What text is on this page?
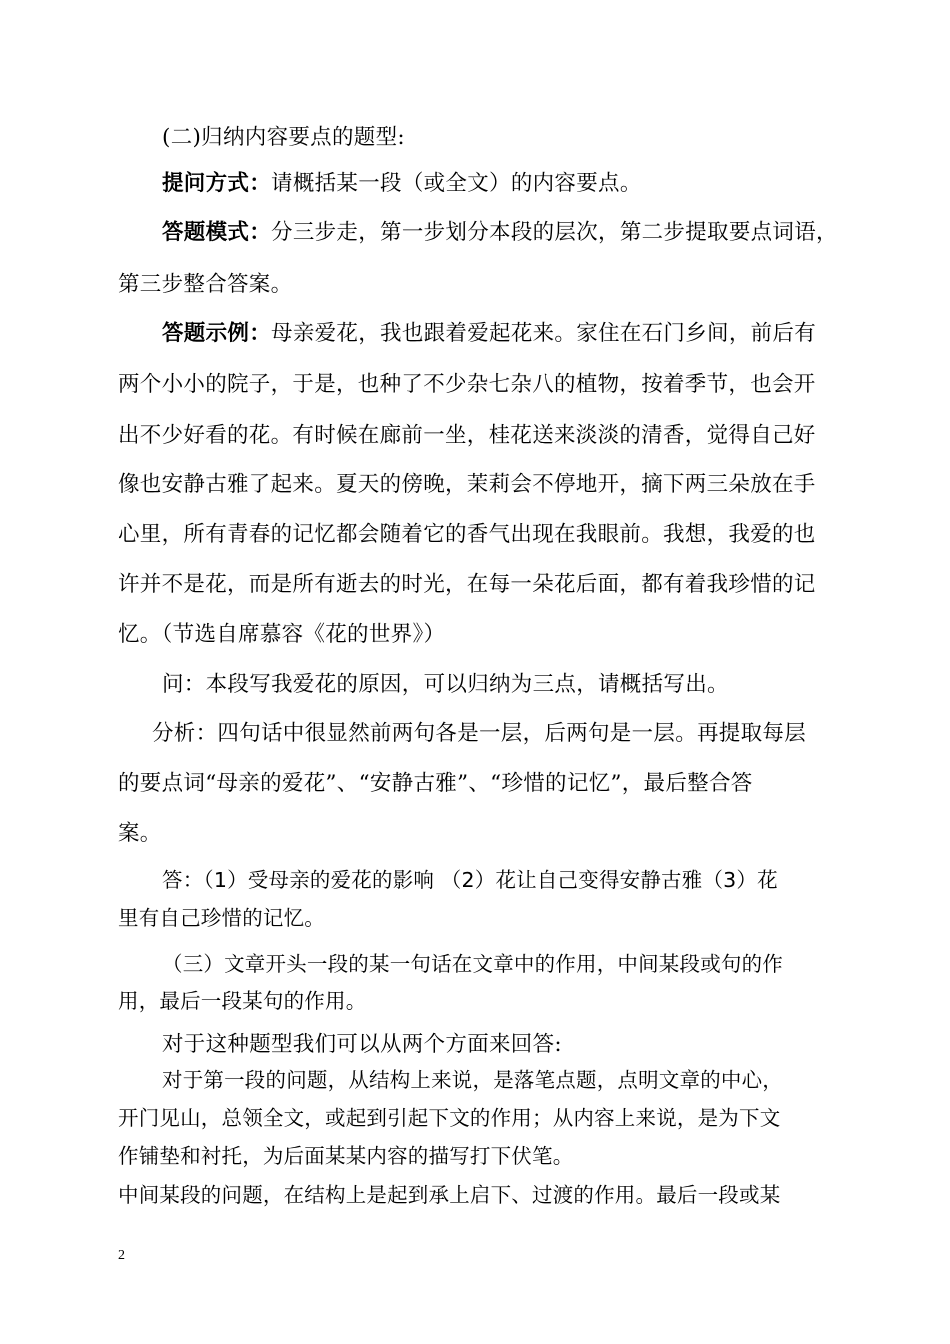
(二)归纳内容要点的题型:
提问方式：请概括某一段（或全文）的内容要点。
答题模式：分三步走，第一步划分本段的层次，第二步提取要点词语，
第三步整合答案。
答题示例：母亲爱花，我也跟着爱起花来。家住在石门乡间，前后有
两个小小的院子，于是，也种了不少杂七杂八的植物，按着季节，也会开
出不少好看的花。有时候在廊前一坐，桂花送来淡淡的清香，觉得自己好
像也安静古雅了起来。夏天的傍晚，茉莉会不停地开，摘下两三朵放在手
心里，所有青春的记忆都会随着它的香气出现在我眼前。我想，我爱的也
许并不是花，而是所有逝去的时光，在每一朵花后面，都有着我珍惜的记
忆。（节选自席慕容《花的世界》）
问：本段写我爱花的原因，可以归纳为三点，请概括写出。
分析：四句话中很显然前两句各是一层，后两句是一层。再提取每层
的要点词“母亲的爱花”、“安静古雅”、“珍惜的记忆”，最后整合答
案。
答：（1）受母亲的爱花的影响 （2）花让自己变得安静古雅（3）花
里有自己珍惜的记忆。
（三）文章开头一段的某一句话在文章中的作用，中间某段或句的作
用，最后一段某句的作用。
对于这种题型我们可以从两个方面来回答:
对于第一段的问题，从结构上来说，是落笔点题，点明文章的中心，
开门见山，总领全文，或起到引起下文的作用；从内容上来说，是为下文
作铺垫和衬托，为后面某某内容的描写打下伏笔。
中间某段的问题，在结构上是起到承上启下、过渡的作用。最后一段或某
2
